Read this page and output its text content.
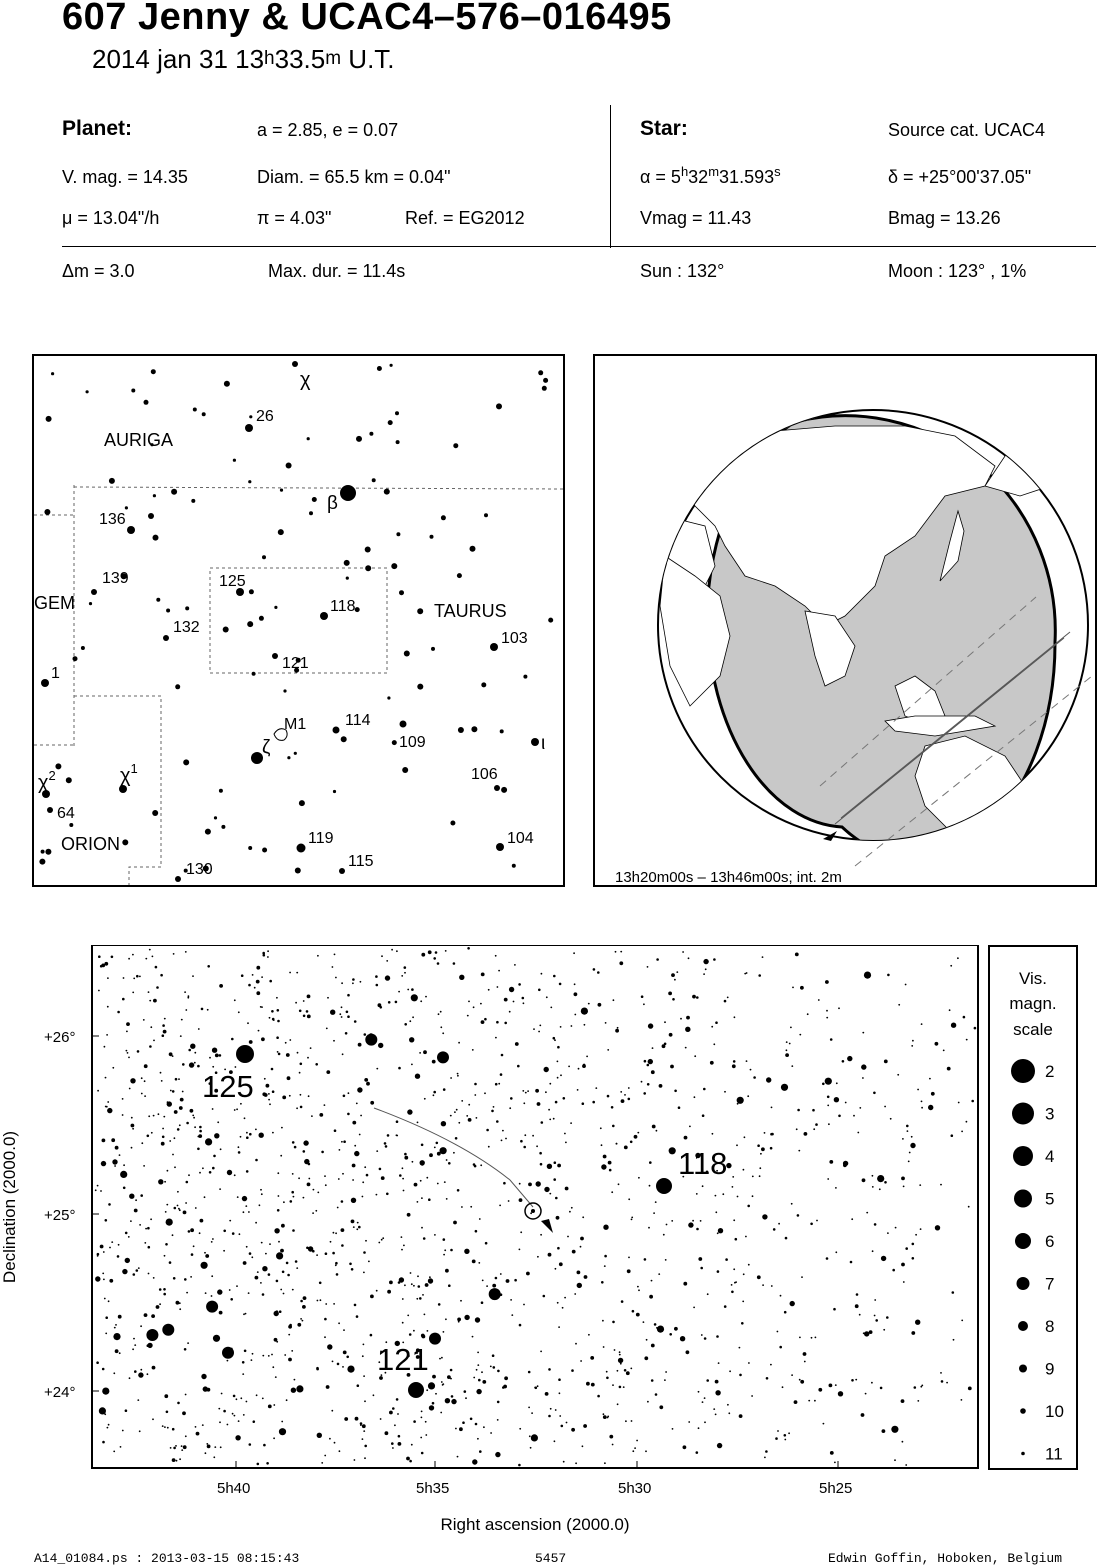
607 Jenny & UCAC4–576–016495
2014 jan 31 13$^h$33.5$^m$ U.T.
Planet:	a = 2.85, e = 0.07
V. mag. = 14.35	Diam. = 65.5 km = 0.04"
μ = 13.04"/h	π = 4.03"	Ref. = EG2012
Star:	Source cat. UCAC4
$\alpha = 5^h32^m31.593^s$	δ = +25°00'37.05"
Vmag = 11.43	Bmag = 13.26
Δm = 3.0	Max. dur. = 11.4s	Sun : 132°	Moon : 123° , 1%
AURIGA
TAURUS
GEM
ORION
χ
26
β
136
139	125
118
132
121
103
1
M1 114
ζ	109	ι
$\chi^2$	$\chi^1$	106
64
119	104
115
130	13h20m00s – 13h46m00s; int. 2m
125
118
121
+26°
+25°
+24°
5h40	5h35	5h30	5h25
Right ascension (2000.0)
Declination (2000.0)
Vis.
magn.
scale
2
3
4
5
6
7
8
9
10
11
A14_01084.ps : 2013-03-15 08:15:43	5457	Edwin Goffin, Hoboken, Belgium
